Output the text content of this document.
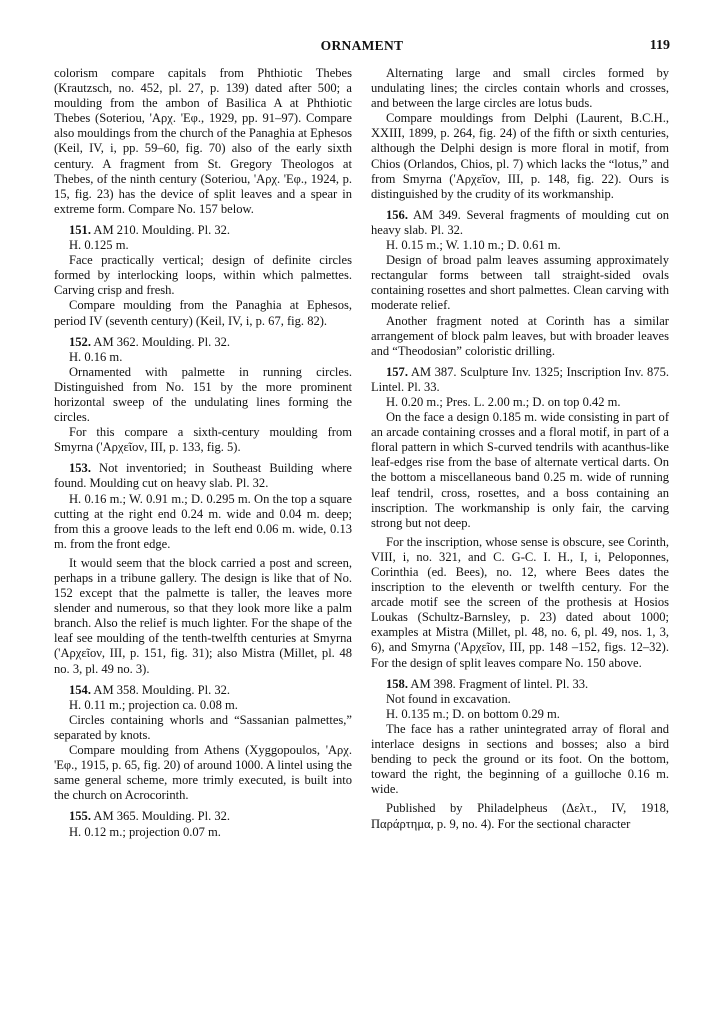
ORNAMENT	119

colorism compare capitals from Phthiotic Thebes (Krautzsch, no. 452, pl. 27, p. 139) dated after 500; a moulding from the ambon of Basilica A at Phthiotic Thebes (Soteriou, 'Αρχ. 'Εφ., 1929, pp. 91–97). Compare also mouldings from the church of the Panaghia at Ephesos (Keil, IV, i, pp. 59–60, fig. 70) also of the early sixth century. A fragment from St. Gregory Theologos at Thebes, of the ninth century (Soteriou, 'Αρχ. 'Εφ., 1924, p. 15, fig. 23) has the device of split leaves and a spear in extreme form. Compare No. 157 below.

151. AM 210. Moulding. Pl. 32.

H. 0.125 m.

Face practically vertical; design of definite circles formed by interlocking loops, within which palmettes. Carving crisp and fresh.

Compare moulding from the Panaghia at Ephesos, period IV (seventh century) (Keil, IV, i, p. 67, fig. 82).

152. AM 362. Moulding. Pl. 32.

H. 0.16 m.

Ornamented with palmette in running circles. Distinguished from No. 151 by the more prominent horizontal sweep of the undulating lines forming the circles.

For this compare a sixth-century moulding from Smyrna ('Αρχεῖον, III, p. 133, fig. 5).

153. Not inventoried; in Southeast Building where found. Moulding cut on heavy slab. Pl. 32.

H. 0.16 m.; W. 0.91 m.; D. 0.295 m. On the top a square cutting at the right end 0.24 m. wide and 0.04 m. deep; from this a groove leads to the left end 0.06 m. wide, 0.13 m. from the front edge.

It would seem that the block carried a post and screen, perhaps in a tribune gallery. The design is like that of No. 152 except that the palmette is taller, the leaves more slender and numerous, so that they look more like a palm branch. Also the relief is much lighter. For the shape of the leaf see moulding of the tenth-twelfth centuries at Smyrna ('Αρχεῖον, III, p. 151, fig. 31); also Mistra (Millet, pl. 48 no. 3, pl. 49 no. 3).

154. AM 358. Moulding. Pl. 32.

H. 0.11 m.; projection ca. 0.08 m.

Circles containing whorls and “Sassanian palmettes,” separated by knots.

Compare moulding from Athens (Xyggopoulos, 'Αρχ. 'Εφ., 1915, p. 65, fig. 20) of around 1000. A lintel using the same general scheme, more trimly executed, is built into the church on Acrocorinth.

155. AM 365. Moulding. Pl. 32.

H. 0.12 m.; projection 0.07 m.

Alternating large and small circles formed by undulating lines; the circles contain whorls and crosses, and between the large circles are lotus buds.

Compare mouldings from Delphi (Laurent, B.C.H., XXIII, 1899, p. 264, fig. 24) of the fifth or sixth centuries, although the Delphi design is more floral in motif, from Chios (Orlandos, Chios, pl. 7) which lacks the “lotus,” and from Smyrna ('Αρχεῖον, III, p. 148, fig. 22). Ours is distinguished by the crudity of its workmanship.

156. AM 349. Several fragments of moulding cut on heavy slab. Pl. 32.

H. 0.15 m.; W. 1.10 m.; D. 0.61 m.

Design of broad palm leaves assuming approximately rectangular forms between tall straight-sided ovals containing rosettes and short palmettes. Clean carving with moderate relief.

Another fragment noted at Corinth has a similar arrangement of block palm leaves, but with broader leaves and “Theodosian” coloristic drilling.

157. AM 387. Sculpture Inv. 1325; Inscription Inv. 875. Lintel. Pl. 33.

H. 0.20 m.; Pres. L. 2.00 m.; D. on top 0.42 m.

On the face a design 0.185 m. wide consisting in part of an arcade containing crosses and a floral motif, in part of a floral pattern in which S-curved tendrils with acanthus-like leaf-edges rise from the base of alternate vertical darts. On the bottom a miscellaneous band 0.25 m. wide of running leaf tendril, cross, rosettes, and a boss containing an inscription. The workmanship is only fair, the carving strong but not deep.

For the inscription, whose sense is obscure, see Corinth, VIII, i, no. 321, and C. G-C. I. H., I, i, Peloponnes, Corinthia (ed. Bees), no. 12, where Bees dates the inscription to the eleventh or twelfth century. For the arcade motif see the screen of the prothesis at Hosios Loukas (Schultz-Barnsley, p. 23) dated about 1000; examples at Mistra (Millet, pl. 48, no. 6, pl. 49, nos. 1, 3, 6), and Smyrna ('Αρχεῖον, III, pp. 148 –152, figs. 12–32). For the design of split leaves compare No. 150 above.

158. AM 398. Fragment of lintel. Pl. 33.

Not found in excavation.

H. 0.135 m.; D. on bottom 0.29 m.

The face has a rather unintegrated array of floral and interlace designs in sections and bosses; also a bird bending to peck the ground or its foot. On the bottom, toward the right, the beginning of a guilloche 0.16 m. wide.

Published by Philadelpheus (Δελτ., IV, 1918, Παράρτημα, p. 9, no. 4). For the sectional character
